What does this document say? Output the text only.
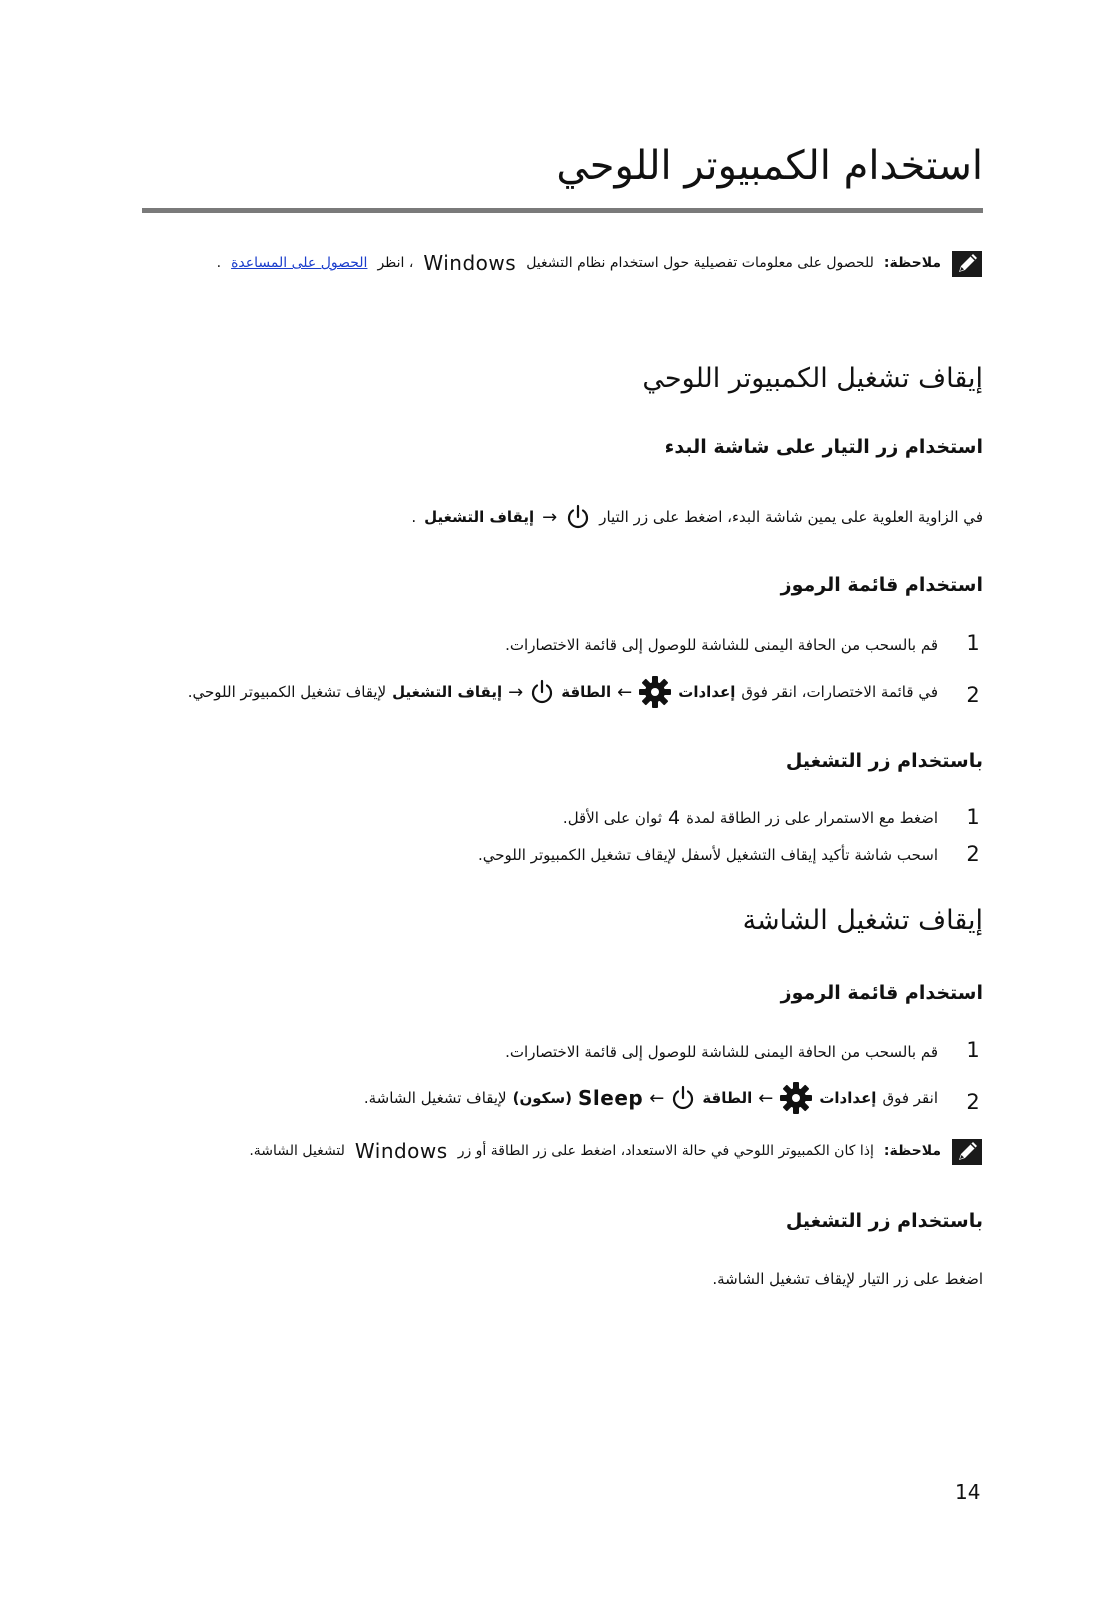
استخدام الكمبيوتر اللوحي
ملاحظة:
للحصول على معلومات تفصيلية حول استخدام نظام التشغيل
Windows
، انظر
الحصول على المساعدة
.
إيقاف تشغيل الكمبيوتر اللوحي
استخدام زر التيار على شاشة البدء
في الزاوية العلوية على يمين شاشة البدء، اضغط على زر التيار
→
إيقاف التشغيل
.
استخدام قائمة الرموز
1
قم بالسحب من الحافة اليمنى للشاشة للوصول إلى قائمة الاختصارات.
2
في قائمة الاختصارات، انقر فوق
إعدادات
←
الطاقة
→
إيقاف التشغيل
لإيقاف تشغيل الكمبيوتر اللوحي.
باستخدام زر التشغيل
1
اضغط مع الاستمرار على زر الطاقة لمدة
4
ثوان على الأقل.
2
اسحب شاشة تأكيد إيقاف التشغيل لأسفل لإيقاف تشغيل الكمبيوتر اللوحي.
إيقاف تشغيل الشاشة
استخدام قائمة الرموز
1
قم بالسحب من الحافة اليمنى للشاشة للوصول إلى قائمة الاختصارات.
2
انقر فوق
إعدادات
←
الطاقة
←
Sleep
(سكون)
لإيقاف تشغيل الشاشة.
ملاحظة:
إذا كان الكمبيوتر اللوحي في حالة الاستعداد، اضغط على زر الطاقة أو زر
Windows
لتشغيل الشاشة.
باستخدام زر التشغيل
اضغط على زر التيار لإيقاف تشغيل الشاشة.
14
